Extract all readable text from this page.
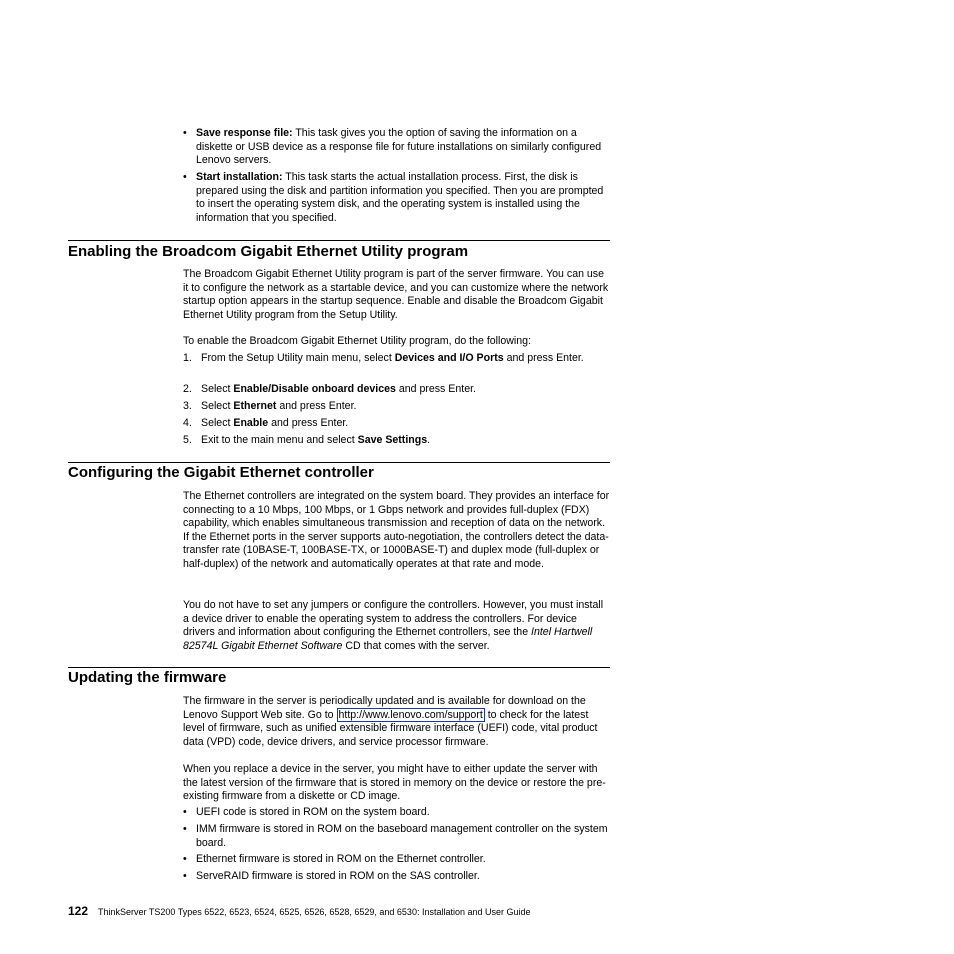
• Save response file: This task gives you the option of saving the information on a diskette or USB device as a response file for future installations on similarly configured Lenovo servers.
• Start installation: This task starts the actual installation process. First, the disk is prepared using the disk and partition information you specified. Then you are prompted to insert the operating system disk, and the operating system is installed using the information that you specified.
Enabling the Broadcom Gigabit Ethernet Utility program
The Broadcom Gigabit Ethernet Utility program is part of the server firmware. You can use it to configure the network as a startable device, and you can customize where the network startup option appears in the startup sequence. Enable and disable the Broadcom Gigabit Ethernet Utility program from the Setup Utility.
To enable the Broadcom Gigabit Ethernet Utility program, do the following:
1. From the Setup Utility main menu, select Devices and I/O Ports and press Enter.
2. Select Enable/Disable onboard devices and press Enter.
3. Select Ethernet and press Enter.
4. Select Enable and press Enter.
5. Exit to the main menu and select Save Settings.
Configuring the Gigabit Ethernet controller
The Ethernet controllers are integrated on the system board. They provides an interface for connecting to a 10 Mbps, 100 Mbps, or 1 Gbps network and provides full-duplex (FDX) capability, which enables simultaneous transmission and reception of data on the network. If the Ethernet ports in the server supports auto-negotiation, the controllers detect the data-transfer rate (10BASE-T, 100BASE-TX, or 1000BASE-T) and duplex mode (full-duplex or half-duplex) of the network and automatically operates at that rate and mode.
You do not have to set any jumpers or configure the controllers. However, you must install a device driver to enable the operating system to address the controllers. For device drivers and information about configuring the Ethernet controllers, see the Intel Hartwell 82574L Gigabit Ethernet Software CD that comes with the server.
Updating the firmware
The firmware in the server is periodically updated and is available for download on the Lenovo Support Web site. Go to http://www.lenovo.com/support to check for the latest level of firmware, such as unified extensible firmware interface (UEFI) code, vital product data (VPD) code, device drivers, and service processor firmware.
When you replace a device in the server, you might have to either update the server with the latest version of the firmware that is stored in memory on the device or restore the pre-existing firmware from a diskette or CD image.
• UEFI code is stored in ROM on the system board.
• IMM firmware is stored in ROM on the baseboard management controller on the system board.
• Ethernet firmware is stored in ROM on the Ethernet controller.
• ServeRAID firmware is stored in ROM on the SAS controller.
122 ThinkServer TS200 Types 6522, 6523, 6524, 6525, 6526, 6528, 6529, and 6530: Installation and User Guide
